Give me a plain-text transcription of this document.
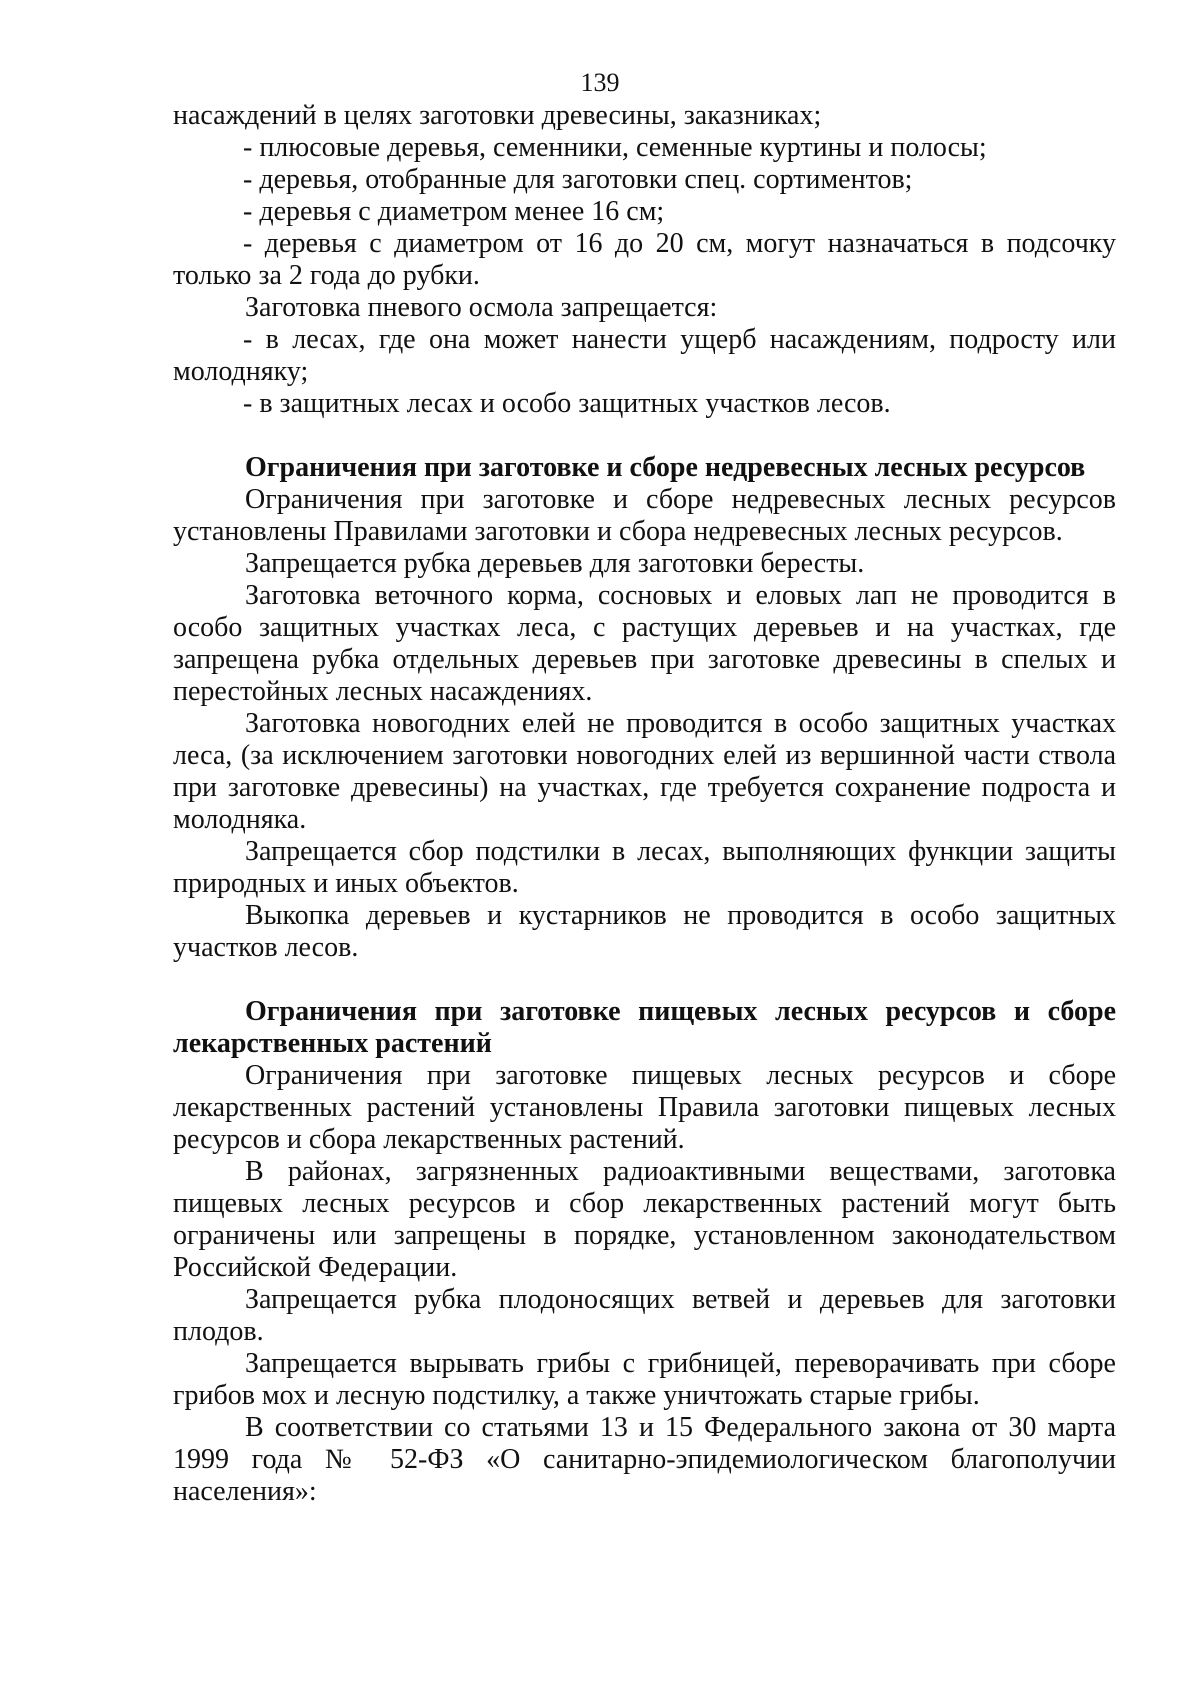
139

насаждений в целях заготовки древесины, заказниках;

- плюсовые деревья, семенники, семенные куртины и полосы;

- деревья, отобранные для заготовки спец. сортиментов;

- деревья с диаметром менее 16 см;

- деревья с диаметром от 16 до 20 см, могут назначаться в подсочку только за 2 года до рубки.

Заготовка пневого осмола запрещается:

- в лесах, где она может нанести ущерб насаждениям, подросту или молодняку;

- в защитных лесах и особо защитных участков лесов.

Ограничения при заготовке и сборе недревесных лесных ресурсов

Ограничения при заготовке и сборе недревесных лесных ресурсов установлены Правилами заготовки и сбора недревесных лесных ресурсов.

Запрещается рубка деревьев для заготовки бересты.

Заготовка веточного корма, сосновых и еловых лап не проводится в особо защитных участках леса, с растущих деревьев и на участках, где запрещена рубка отдельных деревьев при заготовке древесины в спелых и перестойных лесных насаждениях.

Заготовка новогодних елей не проводится в особо защитных участках леса, (за исключением заготовки новогодних елей из вершинной части ствола при заготовке древесины) на участках, где требуется сохранение подроста и молодняка.

Запрещается сбор подстилки в лесах, выполняющих функции защиты природных и иных объектов.

Выкопка деревьев и кустарников не проводится в особо защитных участков лесов.

Ограничения при заготовке пищевых лесных ресурсов и сборе лекарственных растений

Ограничения при заготовке пищевых лесных ресурсов и сборе лекарственных растений установлены Правила заготовки пищевых лесных ресурсов и сбора лекарственных растений.

В районах, загрязненных радиоактивными веществами, заготовка пищевых лесных ресурсов и сбор лекарственных растений могут быть ограничены или запрещены в порядке, установленном законодательством Российской Федерации.

Запрещается рубка плодоносящих ветвей и деревьев для заготовки плодов.

Запрещается вырывать грибы с грибницей, переворачивать при сборе грибов мох и лесную подстилку, а также уничтожать старые грибы.

В соответствии со статьями 13 и 15 Федерального закона от 30 марта 1999 года № 52-ФЗ «О санитарно-эпидемиологическом благополучии населения»:
